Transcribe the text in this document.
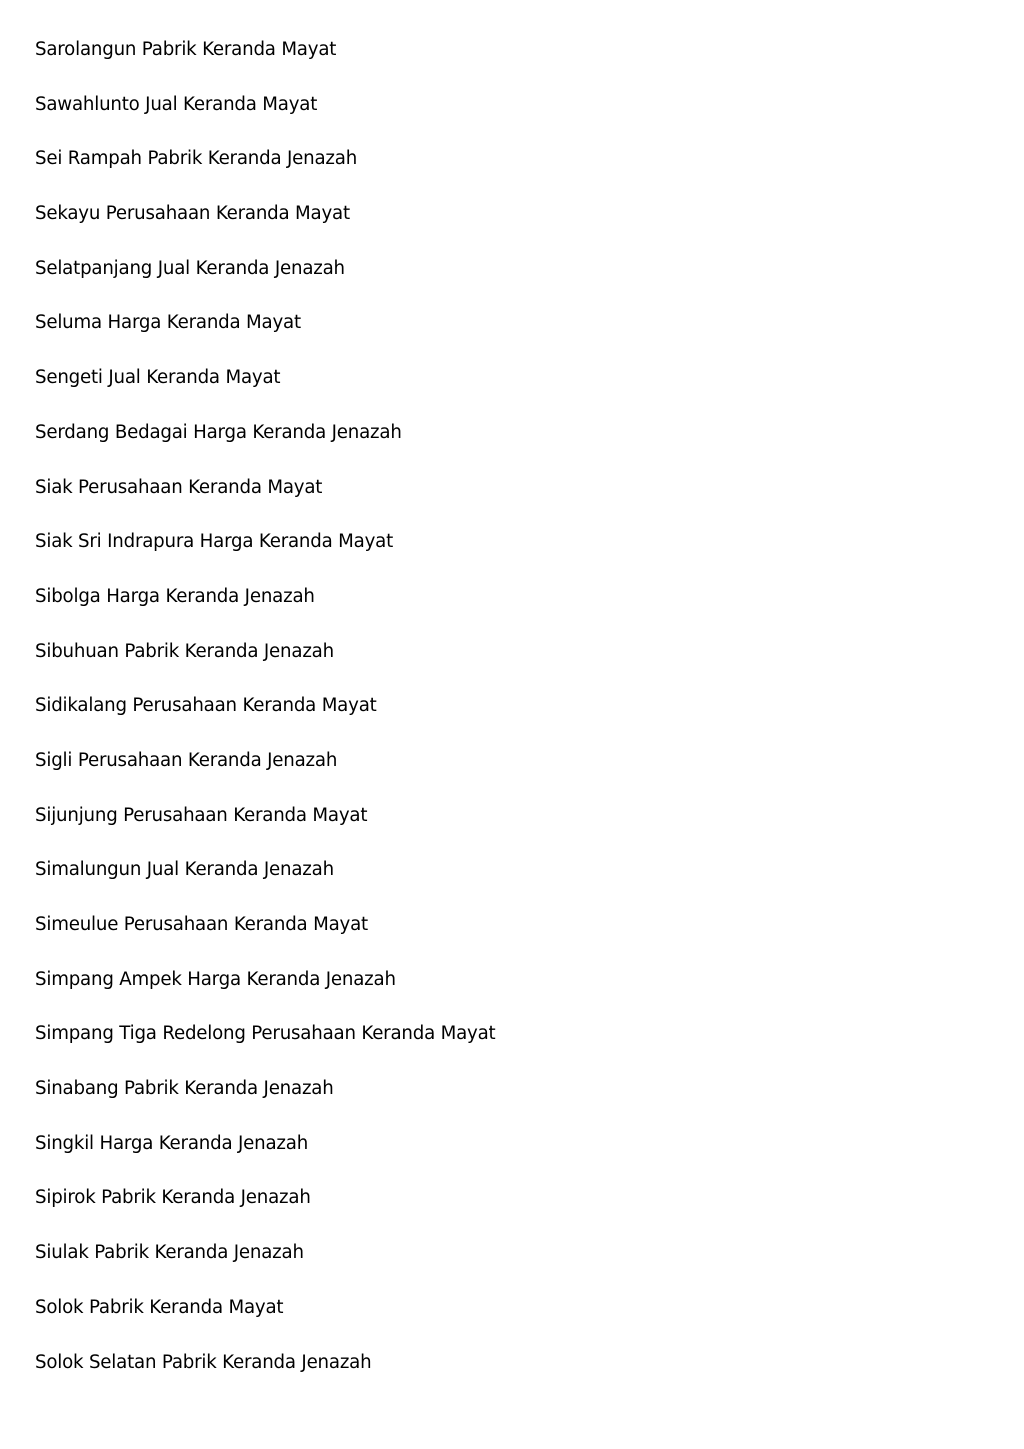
Sarolangun Pabrik Keranda Mayat
Sawahlunto Jual Keranda Mayat
Sei Rampah Pabrik Keranda Jenazah
Sekayu Perusahaan Keranda Mayat
Selatpanjang Jual Keranda Jenazah
Seluma Harga Keranda Mayat
Sengeti Jual Keranda Mayat
Serdang Bedagai Harga Keranda Jenazah
Siak Perusahaan Keranda Mayat
Siak Sri Indrapura Harga Keranda Mayat
Sibolga Harga Keranda Jenazah
Sibuhuan Pabrik Keranda Jenazah
Sidikalang Perusahaan Keranda Mayat
Sigli Perusahaan Keranda Jenazah
Sijunjung Perusahaan Keranda Mayat
Simalungun Jual Keranda Jenazah
Simeulue Perusahaan Keranda Mayat
Simpang Ampek Harga Keranda Jenazah
Simpang Tiga Redelong Perusahaan Keranda Mayat
Sinabang Pabrik Keranda Jenazah
Singkil Harga Keranda Jenazah
Sipirok Pabrik Keranda Jenazah
Siulak Pabrik Keranda Jenazah
Solok Pabrik Keranda Mayat
Solok Selatan Pabrik Keranda Jenazah
